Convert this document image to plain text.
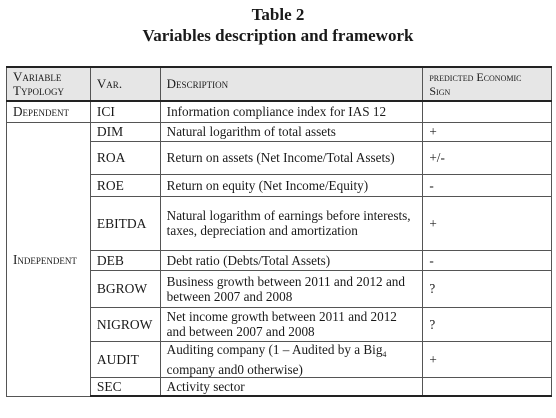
Table 2
Variables description and framework
Variable Typology	Var.	Description	predicted Economic Sign
Dependent	ICI	Information compliance index for IAS 12	
Independent	DIM	Natural logarithm of total assets	+
	ROA	Return on assets (Net Income/Total Assets)	+/-
	ROE	Return on equity (Net Income/Equity)	-
	EBITDA	Natural logarithm of earnings before interests, taxes, depreciation and amortization	+
	DEB	Debt ratio (Debts/Total Assets)	-
	BGROW	Business growth between 2011 and 2012 and between 2007 and 2008	?
	NIGROW	Net income growth between 2011 and 2012 and between 2007 and 2008	?
	AUDIT	Auditing company (1 – Audited by a Big$_4$ company and0 otherwise)	+
	SEC	Activity sector	
